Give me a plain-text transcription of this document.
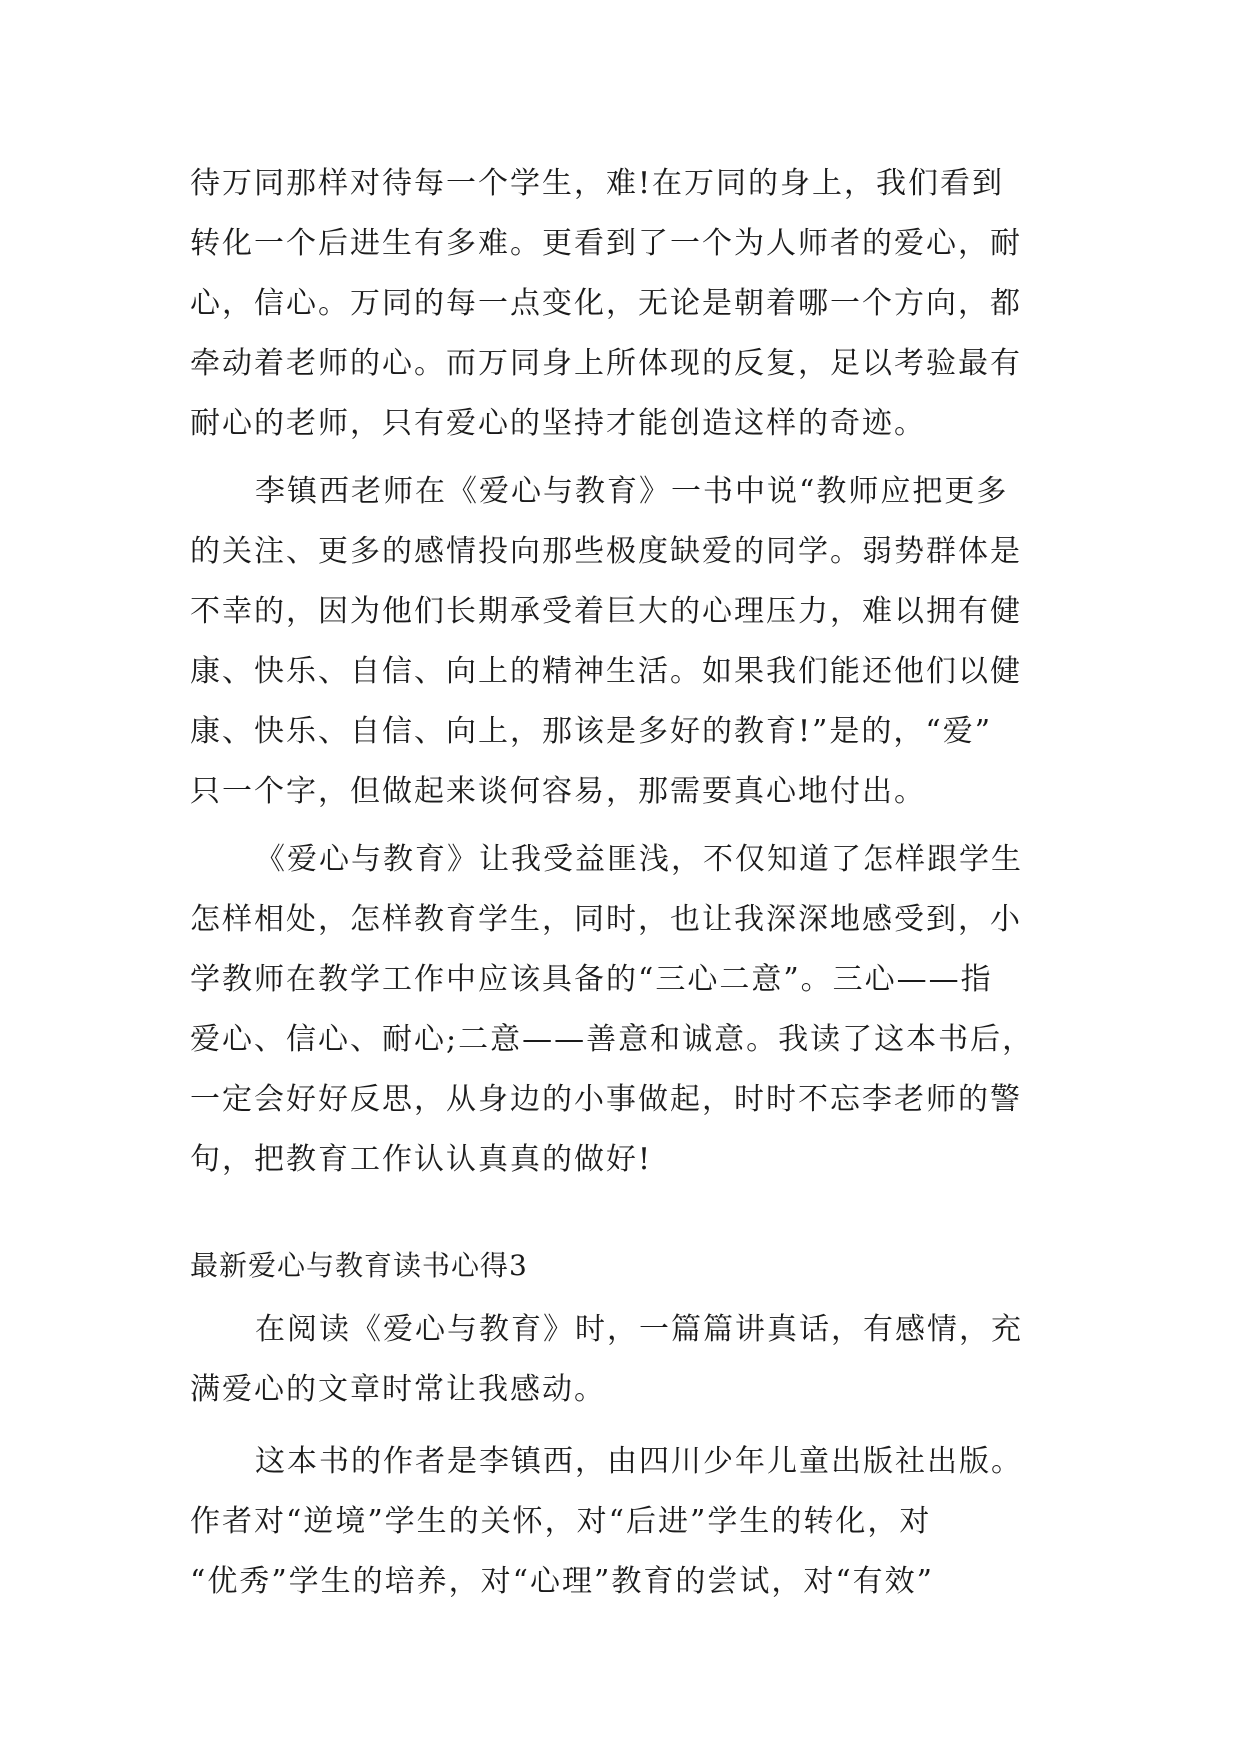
待万同那样对待每一个学生，难!在万同的身上，我们看到
转化一个后进生有多难。更看到了一个为人师者的爱心，耐
心，信心。万同的每一点变化，无论是朝着哪一个方向，都
牵动着老师的心。而万同身上所体现的反复，足以考验最有
耐心的老师，只有爱心的坚持才能创造这样的奇迹。
李镇西老师在《爱心与教育》一书中说“教师应把更多
的关注、更多的感情投向那些极度缺爱的同学。弱势群体是
不幸的，因为他们长期承受着巨大的心理压力，难以拥有健
康、快乐、自信、向上的精神生活。如果我们能还他们以健
康、快乐、自信、向上，那该是多好的教育!”是的，“爱”
只一个字，但做起来谈何容易，那需要真心地付出。
《爱心与教育》让我受益匪浅，不仅知道了怎样跟学生
怎样相处，怎样教育学生，同时，也让我深深地感受到，小
学教师在教学工作中应该具备的“三心二意”。三心——指
爱心、信心、耐心;二意——善意和诚意。我读了这本书后，
一定会好好反思，从身边的小事做起，时时不忘李老师的警
句，把教育工作认认真真的做好!
最新爱心与教育读书心得3
在阅读《爱心与教育》时，一篇篇讲真话，有感情，充
满爱心的文章时常让我感动。
这本书的作者是李镇西，由四川少年儿童出版社出版。
作者对“逆境”学生的关怀，对“后进”学生的转化，对
“优秀”学生的培养，对“心理”教育的尝试，对“有效”
